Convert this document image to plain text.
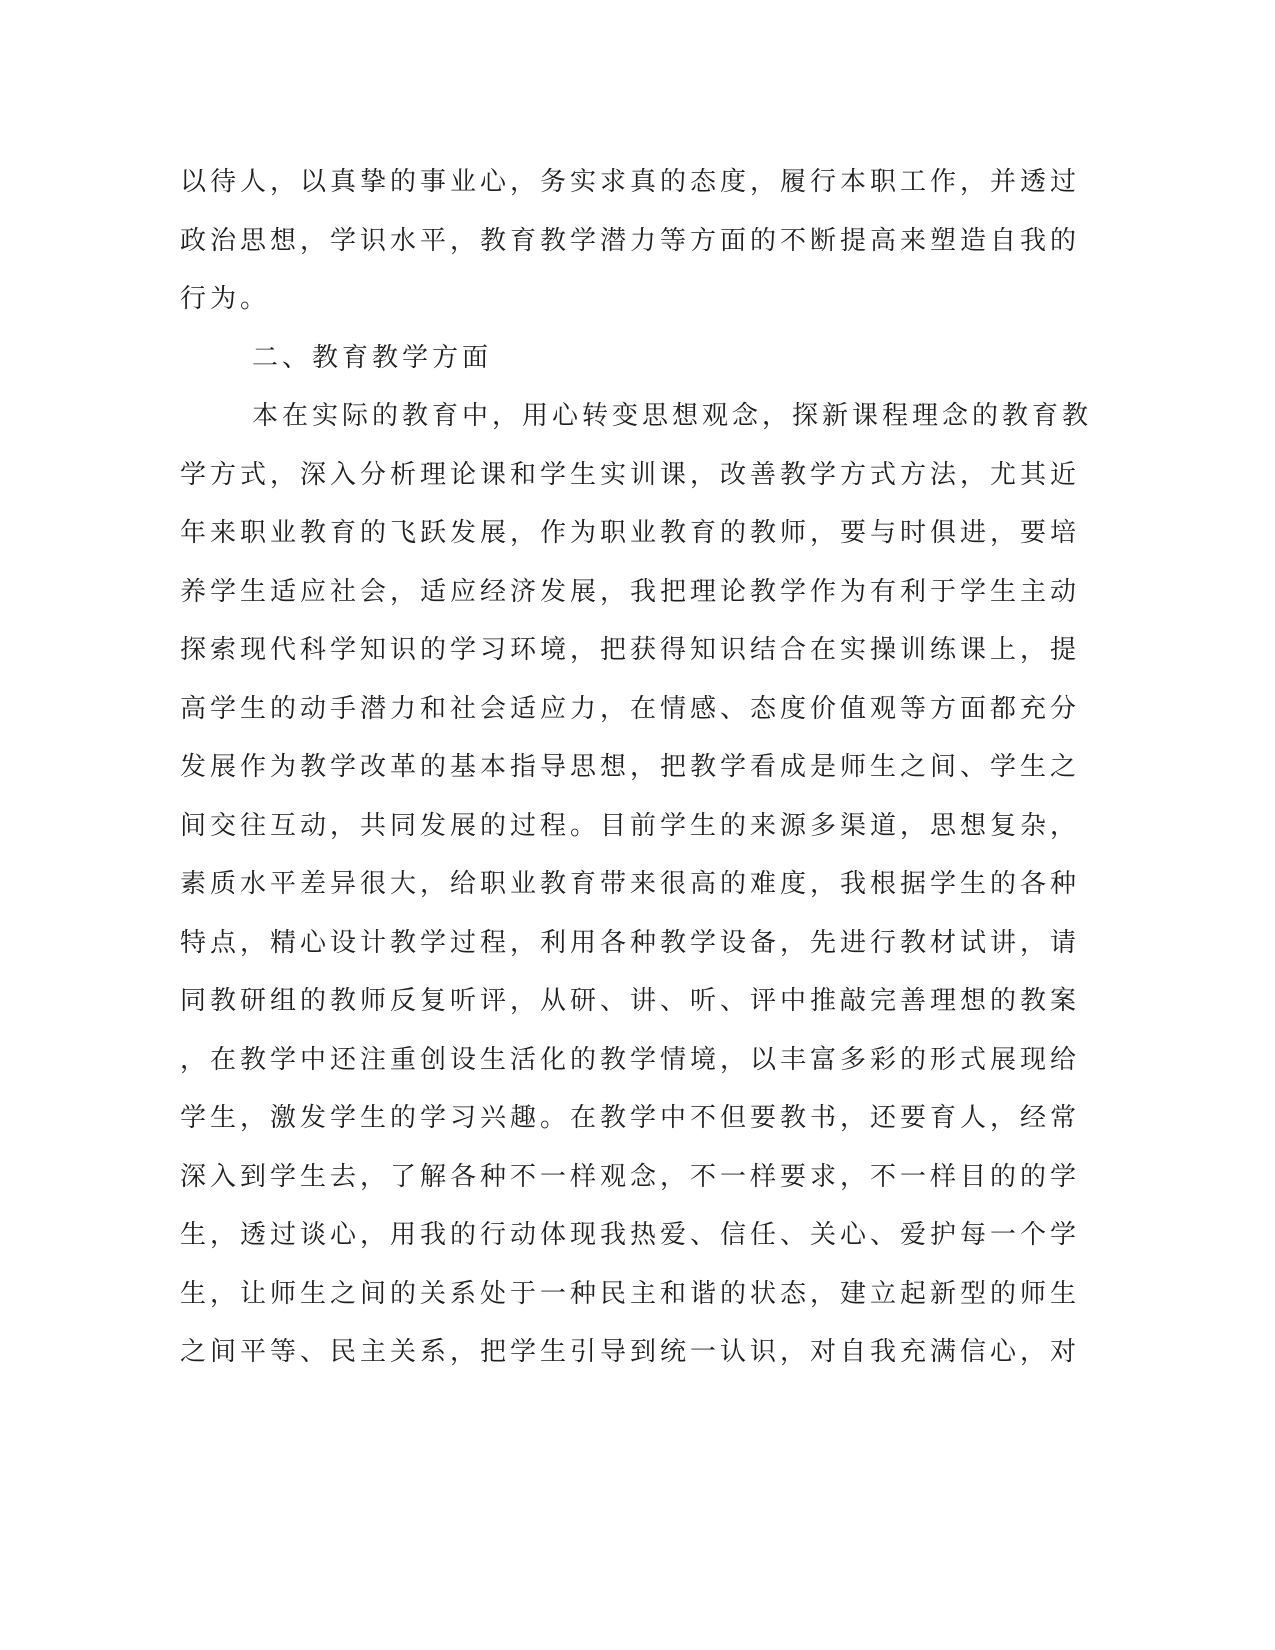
以待人，以真挚的事业心，务实求真的态度，履行本职工作，并透过
政治思想，学识水平，教育教学潜力等方面的不断提高来塑造自我的
行为。
二、教育教学方面
本在实际的教育中，用心转变思想观念，探新课程理念的教育教
学方式，深入分析理论课和学生实训课，改善教学方式方法，尤其近
年来职业教育的飞跃发展，作为职业教育的教师，要与时俱进，要培
养学生适应社会，适应经济发展，我把理论教学作为有利于学生主动
探索现代科学知识的学习环境，把获得知识结合在实操训练课上，提
高学生的动手潜力和社会适应力，在情感、态度价值观等方面都充分
发展作为教学改革的基本指导思想，把教学看成是师生之间、学生之
间交往互动，共同发展的过程。目前学生的来源多渠道，思想复杂，
素质水平差异很大，给职业教育带来很高的难度，我根据学生的各种
特点，精心设计教学过程，利用各种教学设备，先进行教材试讲，请
同教研组的教师反复听评，从研、讲、听、评中推敲完善理想的教案
，在教学中还注重创设生活化的教学情境，以丰富多彩的形式展现给
学生，激发学生的学习兴趣。在教学中不但要教书，还要育人，经常
深入到学生去，了解各种不一样观念，不一样要求，不一样目的的学
生，透过谈心，用我的行动体现我热爱、信任、关心、爱护每一个学
生，让师生之间的关系处于一种民主和谐的状态，建立起新型的师生
之间平等、民主关系，把学生引导到统一认识，对自我充满信心，对
